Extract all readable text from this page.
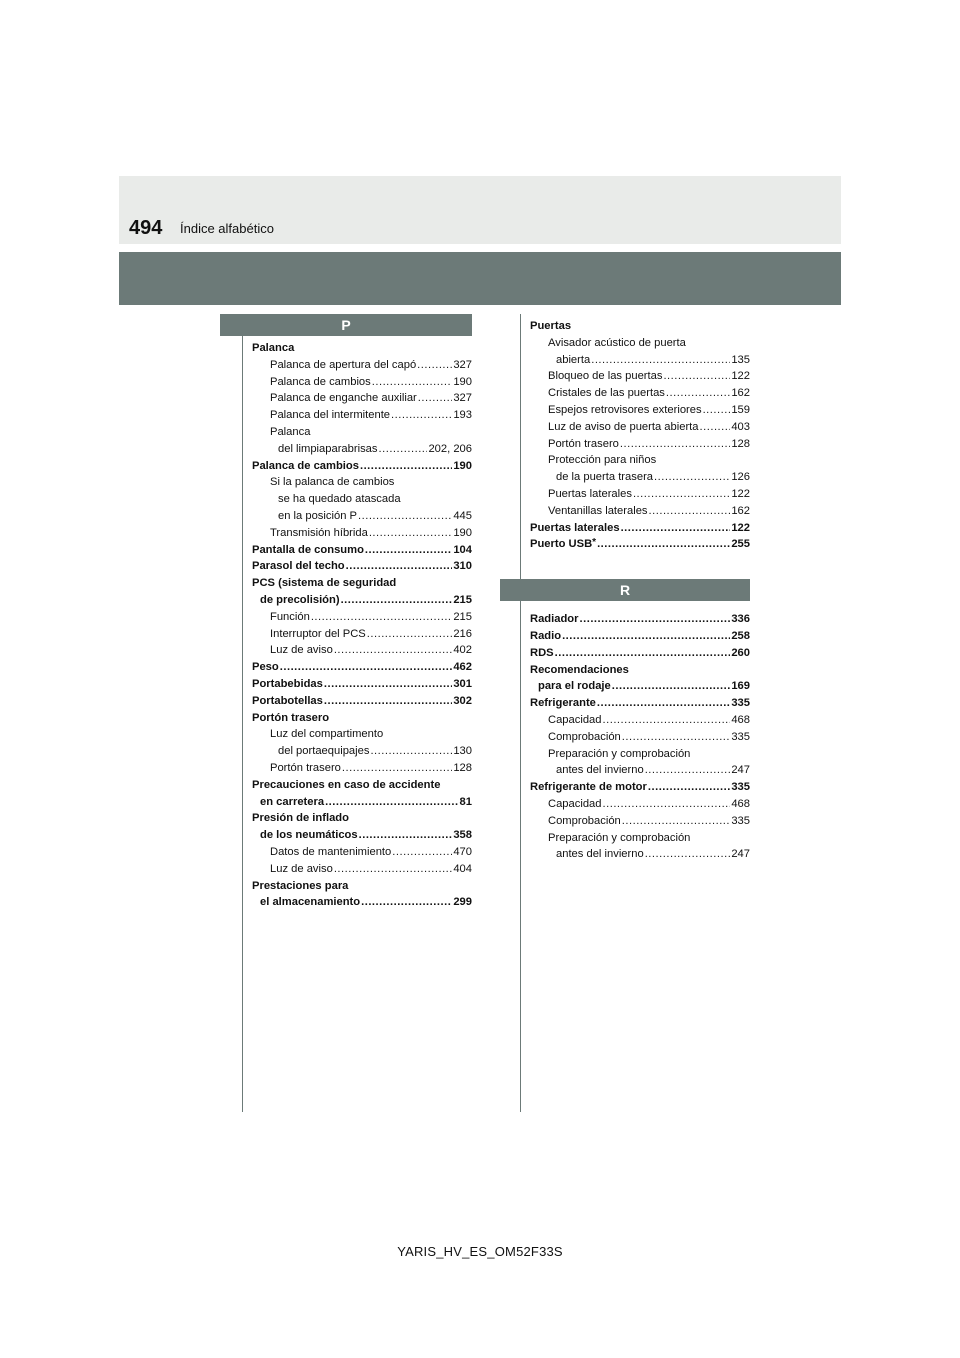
494 Índice alfabético
P
Palanca
Palanca de apertura del capó .....	327
Palanca de cambios .....	190
Palanca de enganche auxiliar .....	327
Palanca del intermitente .....	193
Palanca
del limpiaparabrisas .....	202, 206
Palanca de cambios .....	190
Si la palanca de cambios
se ha quedado atascada
en la posición P .....	445
Transmisión híbrida .....	190
Pantalla de consumo .....	104
Parasol del techo .....	310
PCS (sistema de seguridad
de precolisión) .....	215
Función .....	215
Interruptor del PCS .....	216
Luz de aviso .....	402
Peso .....	462
Portabebidas .....	301
Portabotellas .....	302
Portón trasero
Luz del compartimento
del portaequipajes .....	130
Portón trasero .....	128
Precauciones en caso de accidente
en carretera .....	81
Presión de inflado
de los neumáticos .....	358
Datos de mantenimiento .....	470
Luz de aviso .....	404
Prestaciones para
el almacenamiento .....	299
Puertas
Avisador acústico de puerta
abierta .....	135
Bloqueo de las puertas .....	122
Cristales de las puertas .....	162
Espejos retrovisores exteriores .....	159
Luz de aviso de puerta abierta .....	403
Portón trasero .....	128
Protección para niños
de la puerta trasera .....	126
Puertas laterales .....	122
Ventanillas laterales .....	162
Puertas laterales .....	122
Puerto USB* .....	255
R
Radiador .....	336
Radio .....	258
RDS .....	260
Recomendaciones
para el rodaje .....	169
Refrigerante .....	335
Capacidad .....	468
Comprobación .....	335
Preparación y comprobación
antes del invierno .....	247
Refrigerante de motor .....	335
Capacidad .....	468
Comprobación .....	335
Preparación y comprobación
antes del invierno .....	247
YARIS_HV_ES_OM52F33S
